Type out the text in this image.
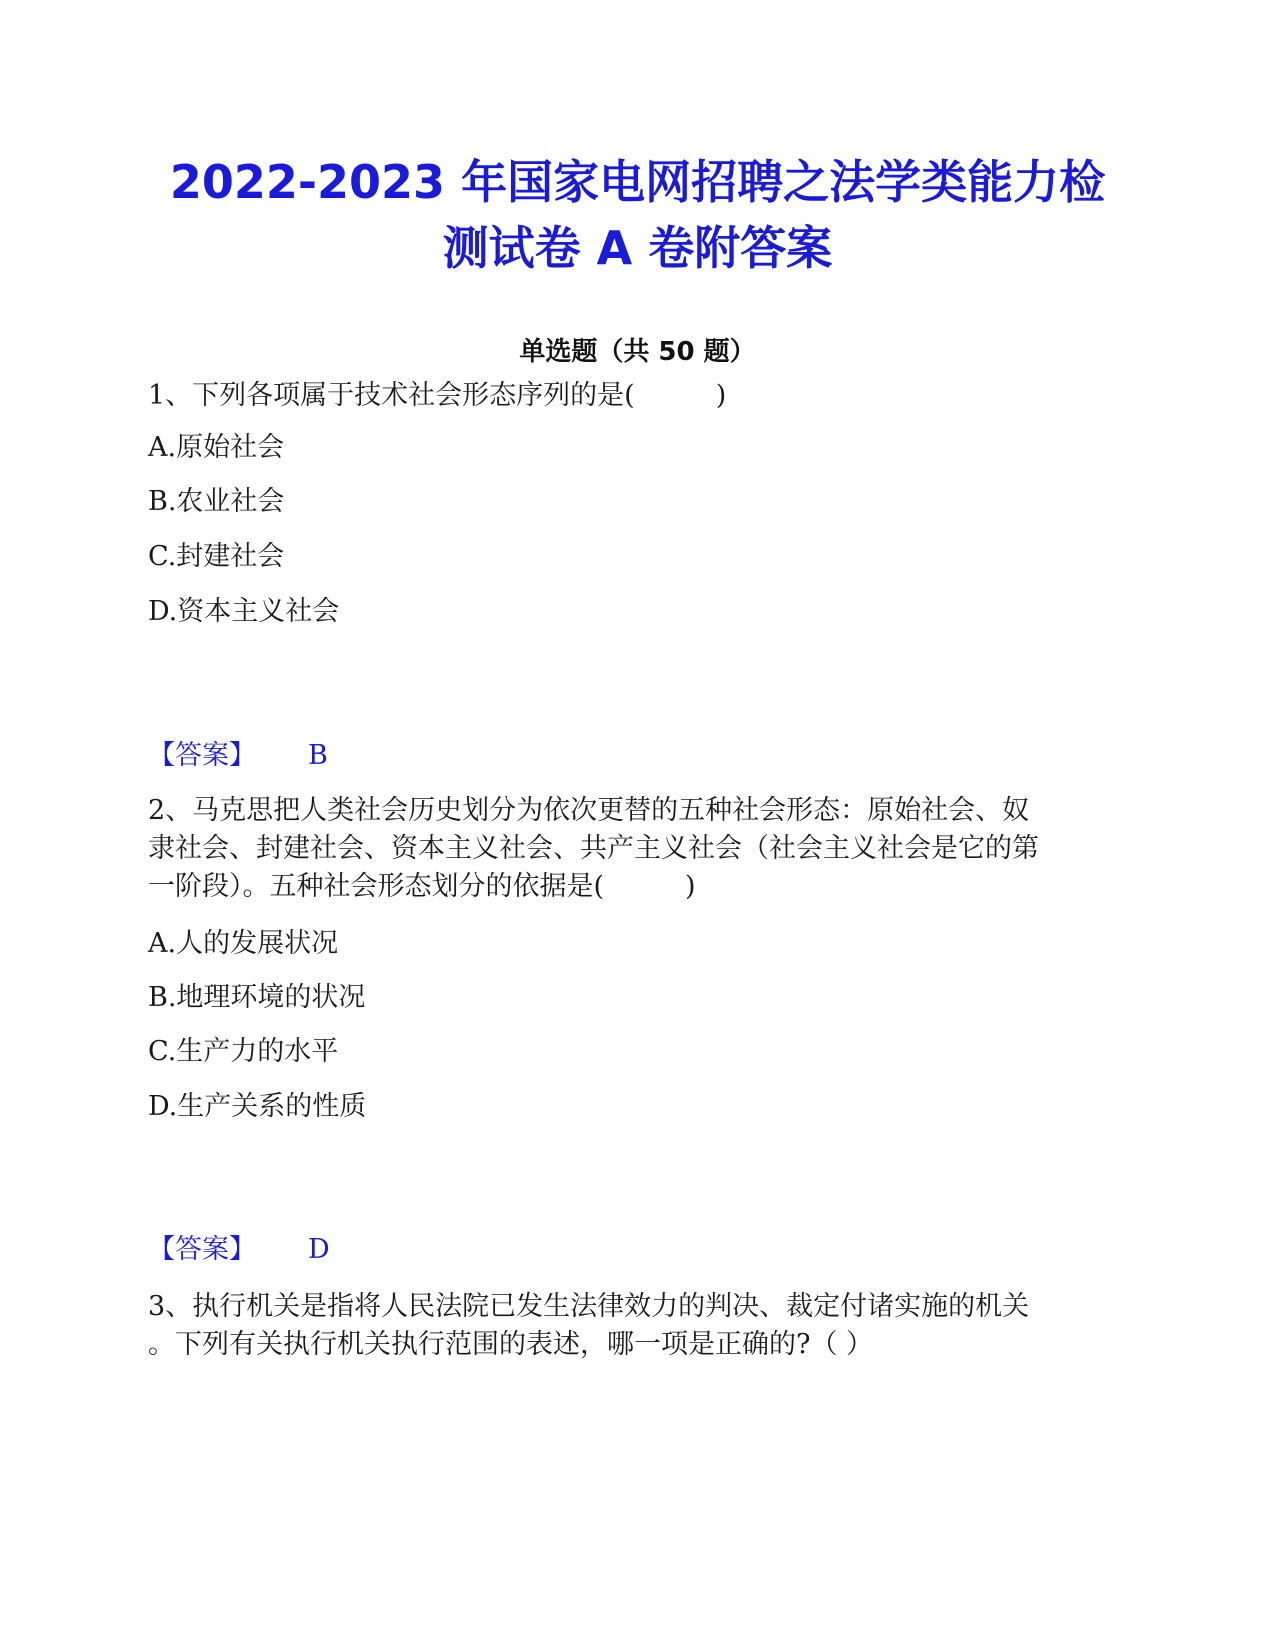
2022-2023 年国家电网招聘之法学类能力检
测试卷 A 卷附答案
单选题（共 50 题）
1、下列各项属于技术社会形态序列的是(　　　)
A.原始社会
B.农业社会
C.封建社会
D.资本主义社会
【答案】 B
2、马克思把人类社会历史划分为依次更替的五种社会形态：原始社会、奴
隶社会、封建社会、资本主义社会、共产主义社会（社会主义社会是它的第
一阶段）。五种社会形态划分的依据是(　　　)
A.人的发展状况
B.地理环境的状况
C.生产力的水平
D.生产关系的性质
【答案】 D
3、执行机关是指将人民法院已发生法律效力的判决、裁定付诸实施的机关
。下列有关执行机关执行范围的表述，哪一项是正确的?（ ）
